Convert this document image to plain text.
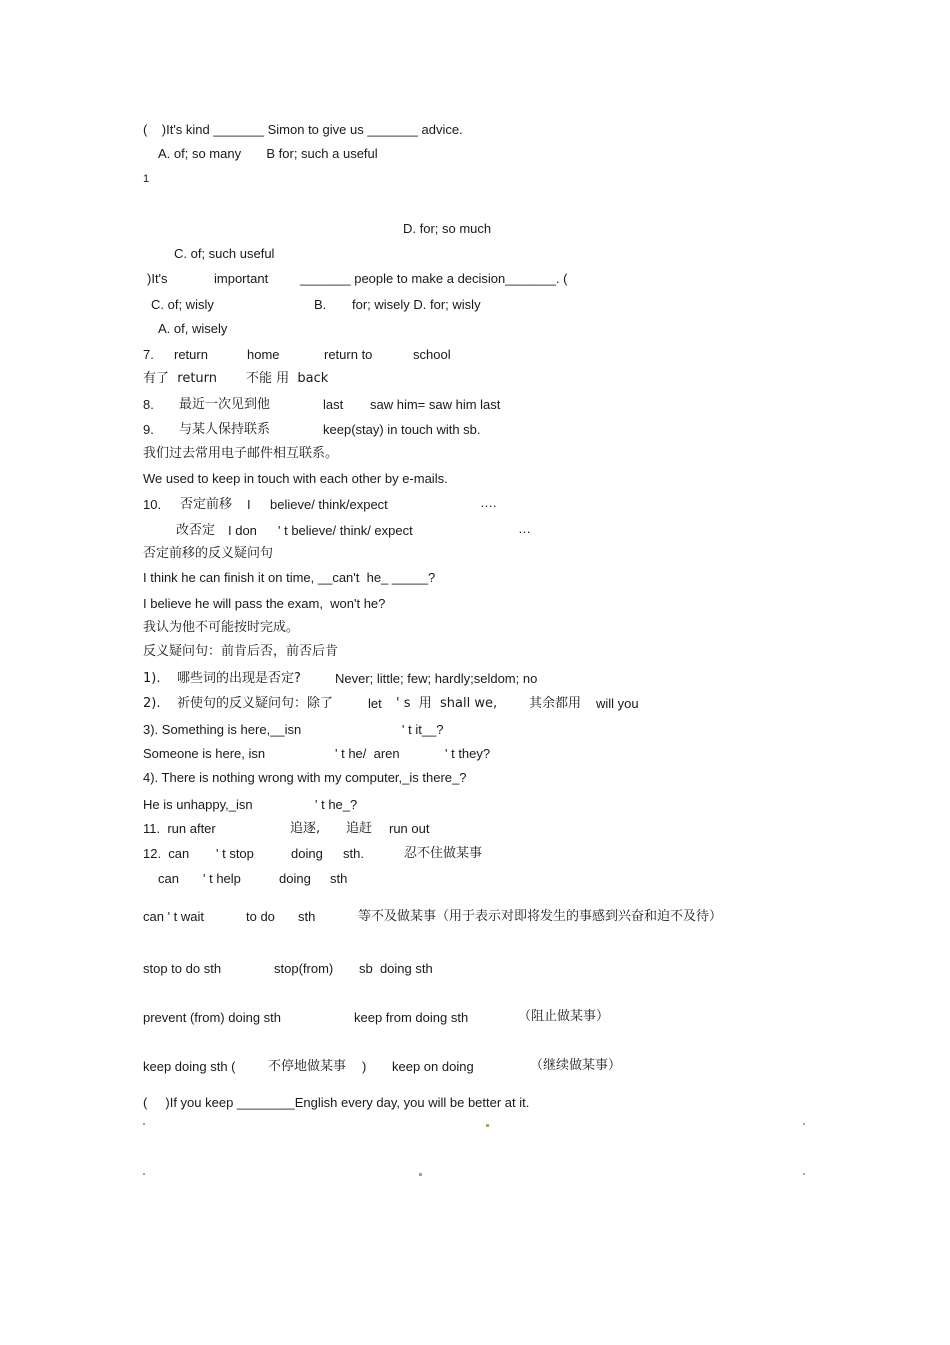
(    )It's kind _______ Simon to give us _______ advice.
A. of; so many       B for; such a useful
1
D. for; so much
C. of; such useful
)It's	important _______ people to make a decision_______. (
C. of; wisly	B. for; wisely D. for; wisly
A. of, wisely
7. return	home	return to	school
有了  return 不能 用  back
8. 最近一次见到他	last saw him= saw him last
9. 与某人保持联系	keep(stay) in touch with sb.
我们过去常用电子邮件相互联系。
We used to keep in touch with each other by e-mails.
10. 否定前移 I believe/ think/expect	….
改否定 I don ' t believe/ think/ expect	…
否定前移的反义疑问句
I think he can finish it on time, __can't  he_ _____?
I believe he will pass the exam,  won't he?
我认为他不可能按时完成。
反义疑问句：前肯后否，前否后肯
1).    哪些词的出现是否定?	Never; little; few; hardly;seldom; no
2).    祈使句的反义疑问句：除了	let ' s  用  shall we, 其余都用 will you
3). Something is here,__isn	' t it__?
Someone is here, isn	' t he/  aren	' t they?
4). There is nothing wrong with my computer,_is there_?
He is unhappy,_isn	' t he_?
11.  run after	追逐, 追赶 run out
12.  can ' t stop	doing sth.	忍不住做某事
can ' t help	doing sth
can ' t wait	to do sth	等不及做某事（用于表示对即将发生的事感到兴奋和迫不及待）
stop to do sth	stop(from) sb  doing sth
prevent (from) doing sth	keep from doing sth	（阻止做某事）
keep doing sth ( 不停地做某事 ) keep on doing	（继续做某事）
(     )If you keep ________English every day, you will be better at it.
